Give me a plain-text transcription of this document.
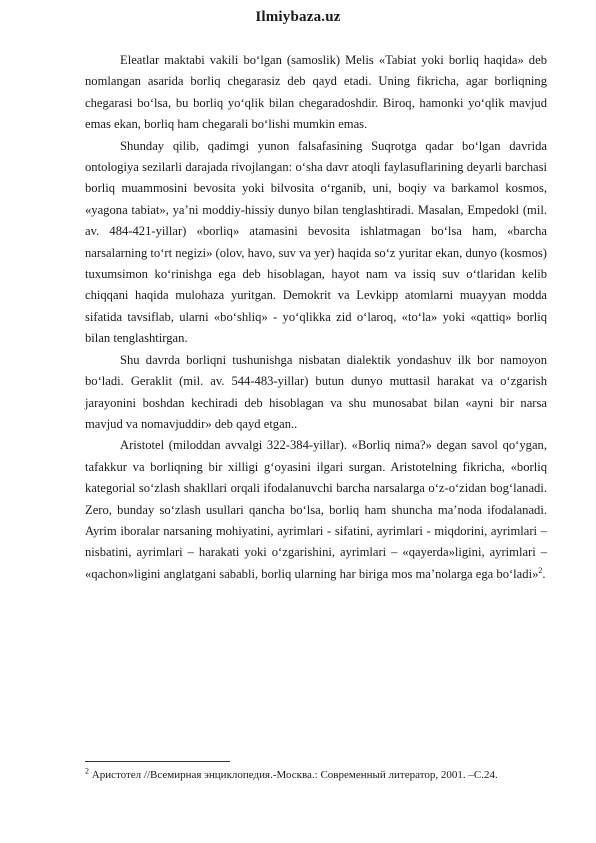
Ilmiybaza.uz

Eleatlar maktabi vakili bo‘lgan (samoslik) Melis «Tabiat yoki borliq haqida» deb nomlangan asarida borliq chegarasiz deb qayd etadi. Uning fikricha, agar borliqning chegarasi bo‘lsa, bu borliq yo‘qlik bilan chegaradoshdir. Biroq, hamonki yo‘qlik mavjud emas ekan, borliq ham chegarali bo‘lishi mumkin emas.

Shunday qilib, qadimgi yunon falsafasining Suqrotga qadar bo‘lgan davrida ontologiya sezilarli darajada rivojlangan: o‘sha davr atoqli faylasuflarining deyarli barchasi borliq muammosini bevosita yoki bilvosita o‘rganib, uni, boqiy va barkamol kosmos, «yagona tabiat», ya’ni moddiy-hissiy dunyo bilan tenglashtiradi. Masalan, Empedokl (mil. av. 484-421-yillar) «borliq» atamasini bevosita ishlatmagan bo‘lsa ham, «barcha narsalarning to‘rt negizi» (olov, havo, suv va yer) haqida so‘z yuritar ekan, dunyo (kosmos) tuxumsimon ko‘rinishga ega deb hisoblagan, hayot nam va issiq suv o‘tlaridan kelib chiqqani haqida mulohaza yuritgan. Demokrit va Levkipp atomlarni muayyan modda sifatida tavsiflab, ularni «bo‘shliq» - yo‘qlikka zid o‘laroq, «to‘la» yoki «qattiq» borliq bilan tenglashtirgan.

Shu davrda borliqni tushunishga nisbatan dialektik yondashuv ilk bor namoyon bo‘ladi. Geraklit (mil. av. 544-483-yillar) butun dunyo muttasil harakat va o‘zgarish jarayonini boshdan kechiradi deb hisoblagan va shu munosabat bilan «ayni bir narsa mavjud va nomavjuddir» deb qayd etgan..

Aristotel (miloddan avvalgi 322-384-yillar). «Borliq nima?» degan savol qo‘ygan, tafakkur va borliqning bir xilligi g‘oyasini ilgari surgan. Aristotelning fikricha, «borliq kategorial so‘zlash shakllari orqali ifodalanuvchi barcha narsalarga o‘z-o‘zidan bog‘lanadi. Zero, bunday so‘zlash usullari qancha bo‘lsa, borliq ham shuncha ma’noda ifodalanadi. Ayrim iboralar narsaning mohiyatini, ayrimlari - sifatini, ayrimlari - miqdorini, ayrimlari – nisbatini, ayrimlari – harakati yoki o‘zgarishini, ayrimlari – «qayerda»ligini, ayrimlari – «qachon»ligini anglatgani sababli, borliq ularning har biriga mos ma’nolarga ega bo‘ladi»$^2$.

$^2$ Аристотел //Всемирная энциклопедия.-Москва.: Современный литератор, 2001. –С.24.
